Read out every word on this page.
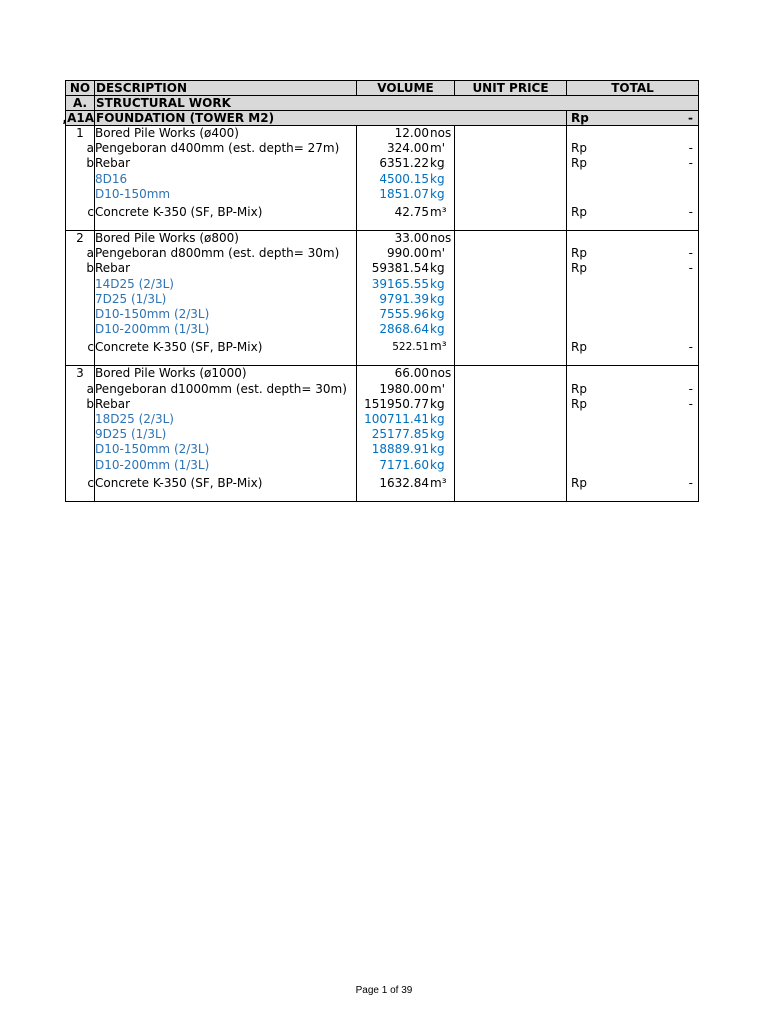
NO	DESCRIPTION	VOLUME	UNIT PRICE	TOTAL
A.	STRUCTURAL WORK			
A1A,	FOUNDATION (TOWER M2)			Rp -

1	Bored Pile Works (ø400)	12.00nos		
a	Pengeboran d400mm (est. depth= 27m)	324.00m'		Rp -

b	Rebar	6351.22kg		Rp -

	8D16	4500.15kg		
	D10-150mm	1851.07kg		
c	Concrete K-350 (SF, BP-Mix)	42.75m³		Rp -

2	Bored Pile Works (ø800)	33.00nos		
a	Pengeboran d800mm (est. depth= 30m)	990.00m'		Rp -

b	Rebar	59381.54kg		Rp -

	14D25 (2/3L)	39165.55kg		
	7D25 (1/3L)	9791.39kg		
	D10-150mm (2/3L)	7555.96kg		
	D10-200mm (1/3L)	2868.64kg		
c	Concrete K-350 (SF, BP-Mix)	522.51m³		Rp -

3	Bored Pile Works (ø1000)	66.00nos		
a	Pengeboran d1000mm (est. depth= 30m)	1980.00m'		Rp -

b	Rebar	151950.77kg		Rp -

	18D25 (2/3L)	100711.41kg		
	9D25 (1/3L)	25177.85kg		
	D10-150mm (2/3L)	18889.91kg		
	D10-200mm (1/3L)	7171.60kg		
c	Concrete K-350 (SF, BP-Mix)	1632.84m³		Rp -

Page 1 of 39
